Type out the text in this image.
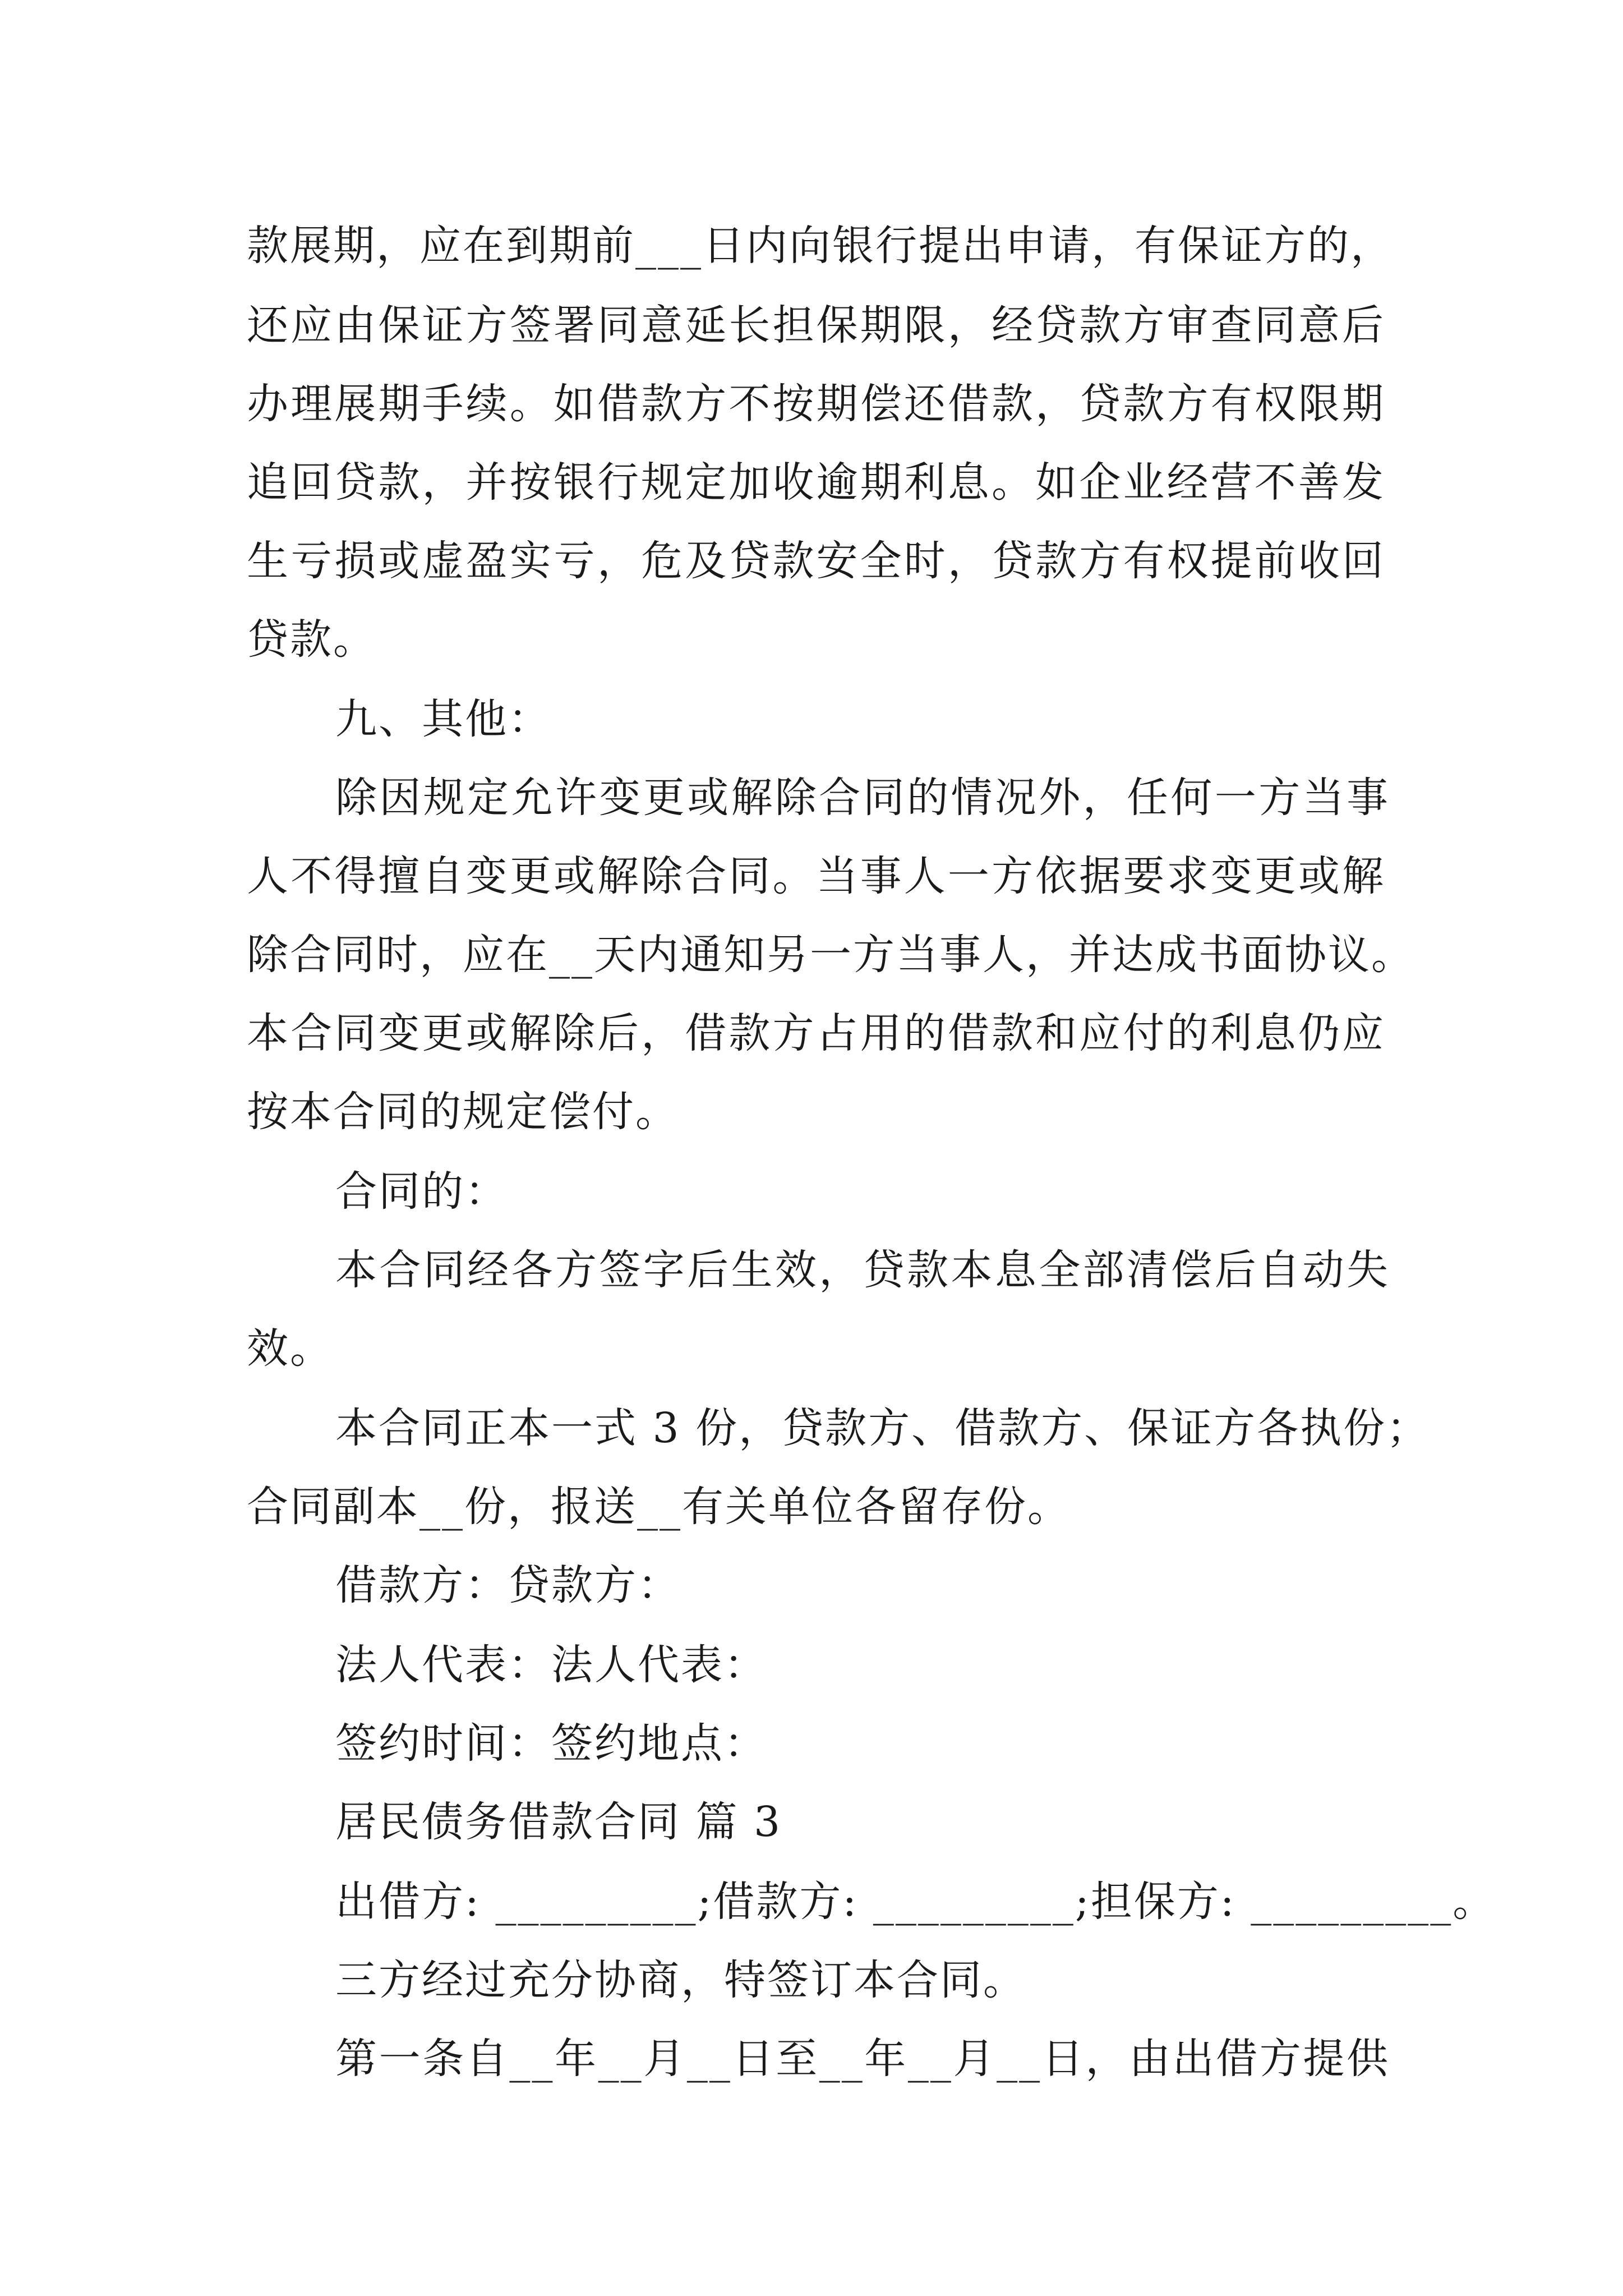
款展期，应在到期前___日内向银行提出申请，有保证方的，
还应由保证方签署同意延长担保期限，经贷款方审查同意后
办理展期手续。如借款方不按期偿还借款，贷款方有权限期
追回贷款，并按银行规定加收逾期利息。如企业经营不善发
生亏损或虚盈实亏，危及贷款安全时，贷款方有权提前收回
贷款。
九、其他：
除因规定允许变更或解除合同的情况外，任何一方当事
人不得擅自变更或解除合同。当事人一方依据要求变更或解
除合同时，应在__天内通知另一方当事人，并达成书面协议。
本合同变更或解除后，借款方占用的借款和应付的利息仍应
按本合同的规定偿付。
合同的：
本合同经各方签字后生效，贷款本息全部清偿后自动失
效。
本合同正本一式 3 份，贷款方、借款方、保证方各执份；
合同副本__份，报送__有关单位各留存份。
借款方：贷款方：
法人代表：法人代表：
签约时间：签约地点：
居民债务借款合同 篇 3
出借方: _________;借款方: _________;担保方: _________。
三方经过充分协商，特签订本合同。
第一条自__年__月__日至__年__月__日，由出借方提供
